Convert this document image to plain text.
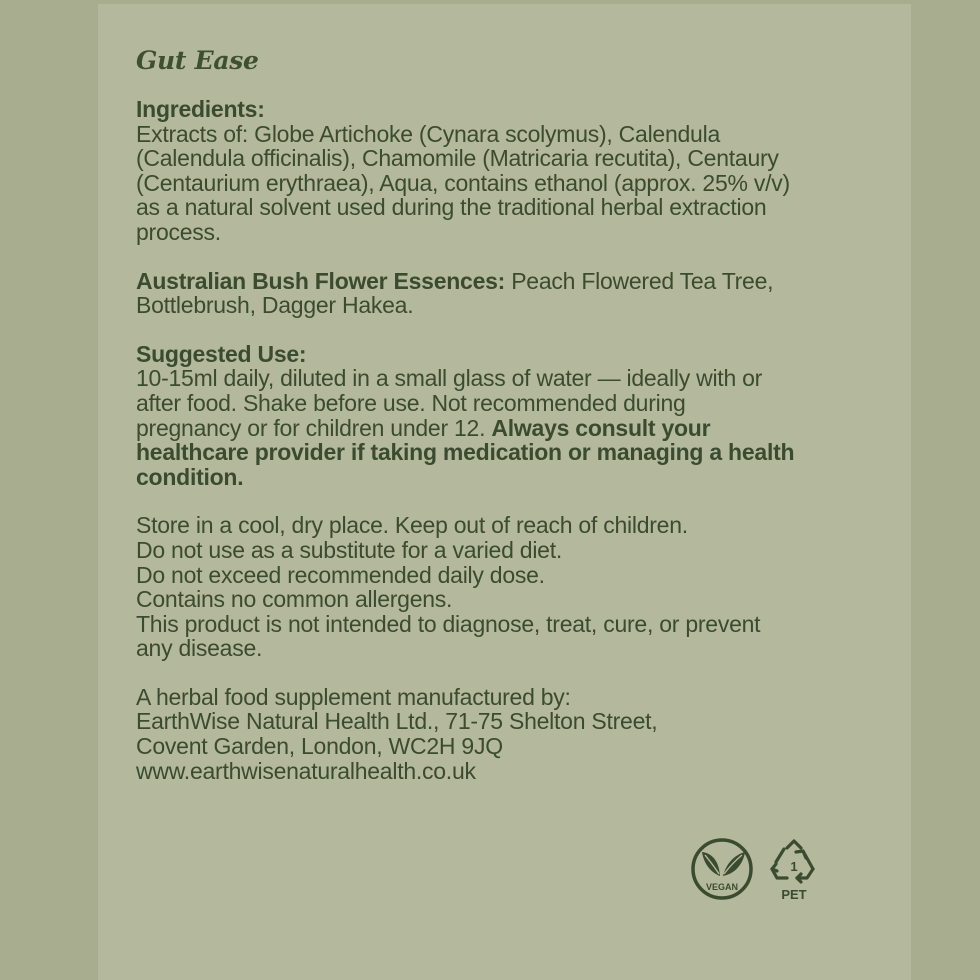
Gut Ease

Ingredients:

Extracts of: Globe Artichoke (Cynara scolymus), Calendula

(Calendula officinalis), Chamomile (Matricaria recutita), Centaury

(Centaurium erythraea), Aqua, contains ethanol (approx. 25% v/v)

as a natural solvent used during the traditional herbal extraction

process.

Australian Bush Flower Essences: Peach Flowered Tea Tree,

Bottlebrush, Dagger Hakea.

Suggested Use:

10-15ml daily, diluted in a small glass of water — ideally with or

after food. Shake before use. Not recommended during

pregnancy or for children under 12. Always consult your

healthcare provider if taking medication or managing a health

condition.

Store in a cool, dry place. Keep out of reach of children.

Do not use as a substitute for a varied diet.

Do not exceed recommended daily dose.

Contains no common allergens.

This product is not intended to diagnose, treat, cure, or prevent

any disease.

A herbal food supplement manufactured by:

EarthWise Natural Health Ltd., 71-75 Shelton Street,

Covent Garden, London, WC2H 9JQ

www.earthwisenaturalhealth.co.uk

VEGAN
1
PET
